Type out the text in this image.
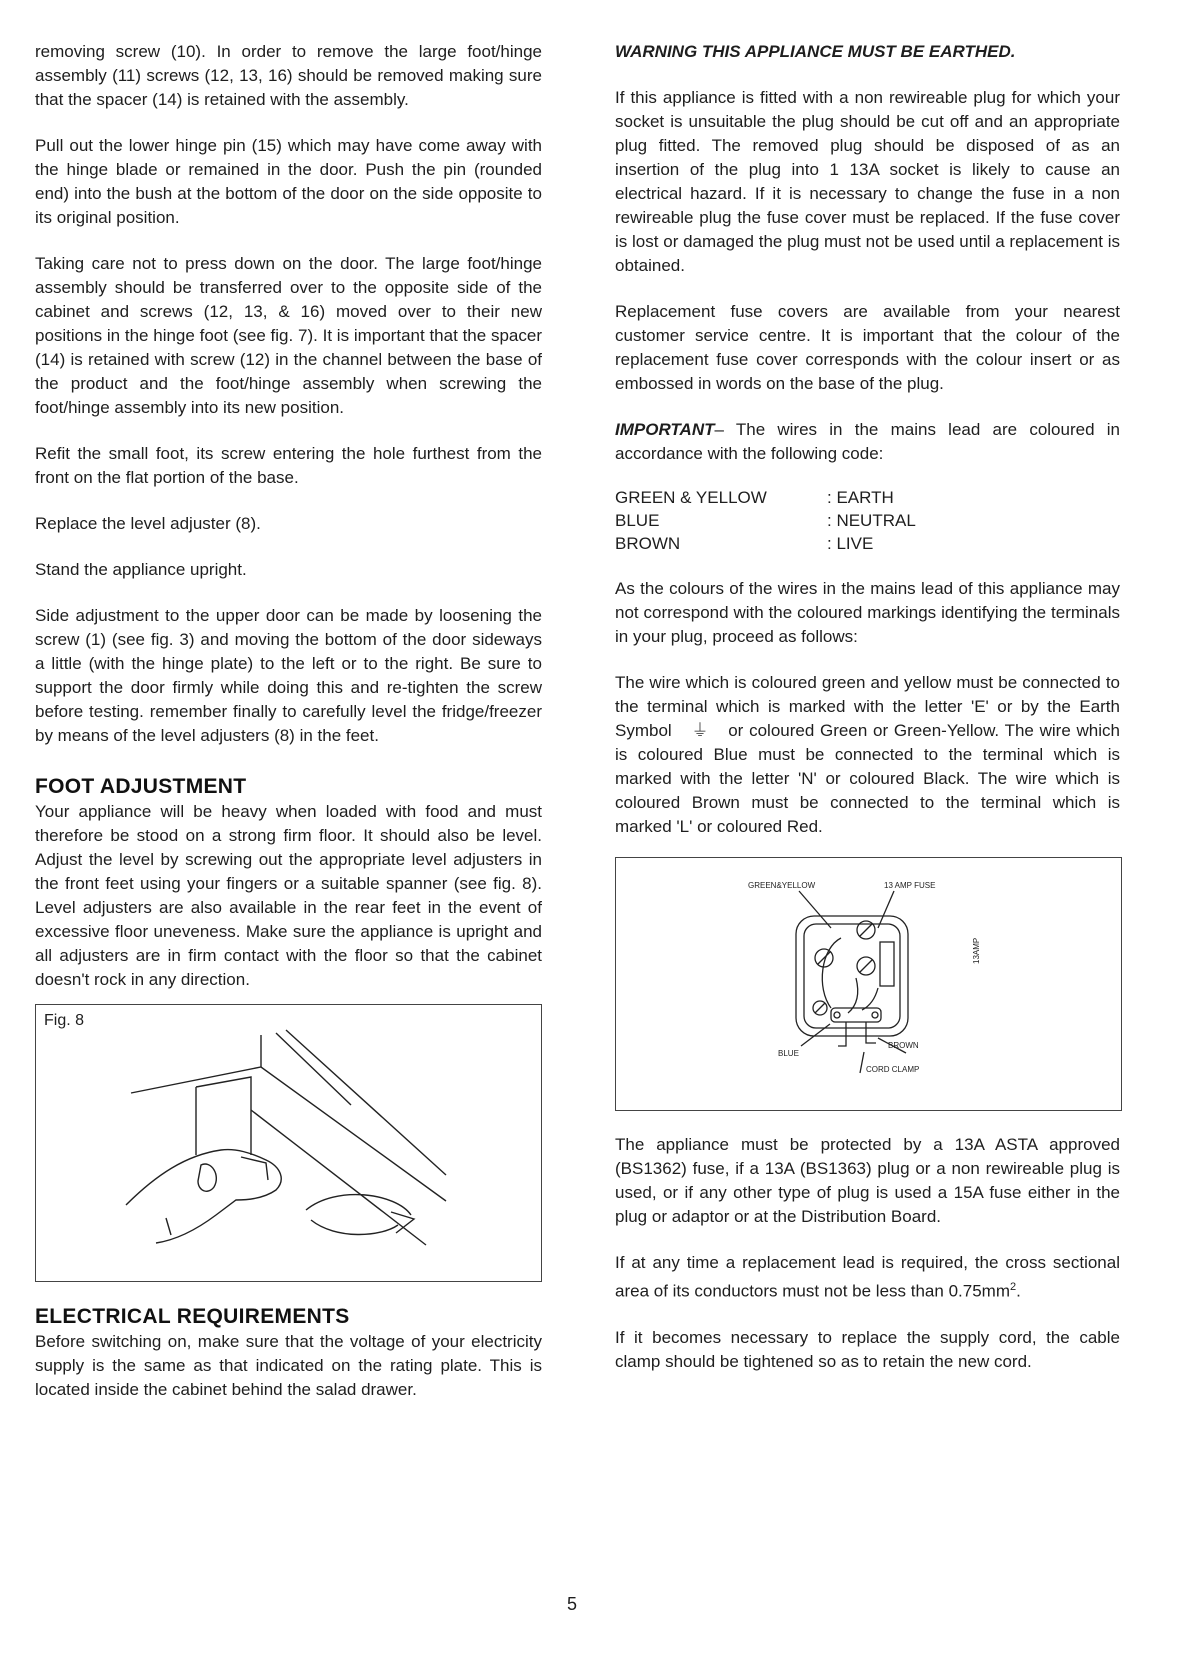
removing screw (10). In order to remove the large foot/hinge assembly (11) screws (12, 13, 16) should be removed making sure that the spacer (14) is retained with the assembly.

Pull out the lower hinge pin (15) which may have come away with the hinge blade or remained in the door. Push the pin (rounded end) into the bush at the bottom of the door on the side opposite to its original position.

Taking care not to press down on the door. The large foot/hinge assembly should be transferred over to the opposite side of the cabinet and screws (12, 13, & 16) moved over to their new positions in the hinge foot (see fig. 7). It is important that the spacer (14) is retained with screw (12) in the channel between the base of the product and the foot/hinge assembly when screwing the foot/hinge assembly into its new position.

Refit the small foot, its screw entering the hole furthest from the front on the flat portion of the base.

Replace the level adjuster (8).

Stand the appliance upright.

Side adjustment to the upper door can be made by loosening the screw (1) (see fig. 3) and moving the bottom of the door sideways a little (with the hinge plate) to the left or to the right. Be sure to support the door firmly while doing this and re-tighten the screw before testing. remember finally to carefully level the fridge/freezer by means of the level adjusters (8) in the feet.

FOOT ADJUSTMENT

Your appliance will be heavy when loaded with food and must therefore be stood on a strong firm floor. It should also be level. Adjust the level by screwing out the appropriate level adjusters in the front feet using your fingers or a suitable spanner (see fig. 8). Level adjusters are also available in the rear feet in the event of excessive floor uneveness. Make sure the appliance is upright and all adjusters are in firm contact with the floor so that the cabinet doesn't rock in any direction.

Fig. 8
ELECTRICAL REQUIREMENTS

Before switching on, make sure that the voltage of your electricity supply is the same as that indicated on the rating plate. This is located inside the cabinet behind the salad drawer.

WARNING THIS APPLIANCE MUST BE EARTHED.

If this appliance is fitted with a non rewireable plug for which your socket is unsuitable the plug should be cut off and an appropriate plug fitted. The removed plug should be disposed of as an insertion of the plug into 1 13A socket is likely to cause an electrical hazard. If it is necessary to change the fuse in a non rewireable plug the fuse cover must be replaced. If the fuse cover is lost or damaged the plug must not be used until a replacement is obtained.

Replacement fuse covers are available from your nearest customer service centre. It is important that the colour of the replacement fuse cover corresponds with the colour insert or as embossed in words on the base of the plug.

IMPORTANT– The wires in the mains lead are coloured in accordance with the following code:

GREEN & YELLOW	: EARTH
BLUE	: NEUTRAL
BROWN	: LIVE

As the colours of the wires in the mains lead of this appliance may not correspond with the coloured markings identifying the terminals in your plug, proceed as follows:

The wire which is coloured green and yellow must be connected to the terminal which is marked with the letter 'E' or by the Earth Symbol ⏚ or coloured Green or Green-Yellow. The wire which is coloured Blue must be connected to the terminal which is marked with the letter 'N' or coloured Black. The wire which is coloured Brown must be connected to the terminal which is marked 'L' or coloured Red.

GREEN&YELLOW	13 AMP FUSE
13AMP
BLUE
BROWN
CORD CLAMP

The appliance must be protected by a 13A ASTA approved (BS1362) fuse, if a 13A (BS1363) plug or a non rewireable plug is used, or if any other type of plug is used a 15A fuse either in the plug or adaptor or at the Distribution Board.

If at any time a replacement lead is required, the cross sectional area of its conductors must not be less than $0.75mm^2$.

If it becomes necessary to replace the supply cord, the cable clamp should be tightened so as to retain the new cord.

5
